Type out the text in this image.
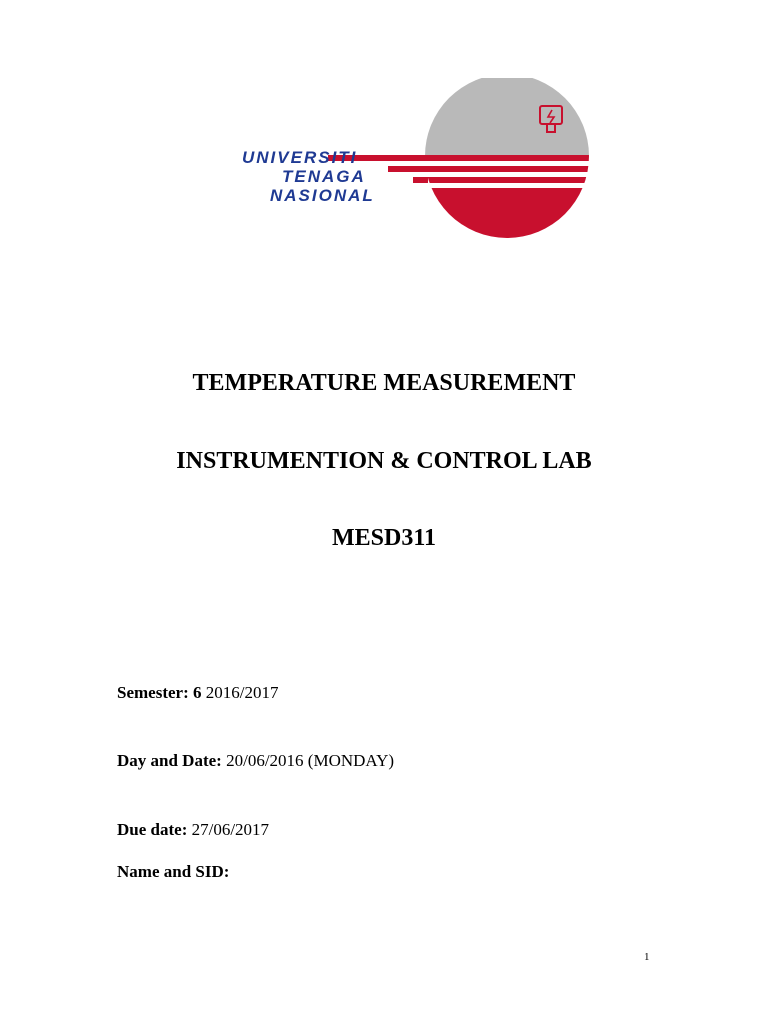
UNIVERSITI
TENAGA
NASIONAL
TEMPERATURE MEASUREMENT
INSTRUMENTION & CONTROL LAB
MESD311
Semester: 6 2016/2017
Day and Date: 20/06/2016 (MONDAY)
Due date: 27/06/2017
Name and SID:
1
